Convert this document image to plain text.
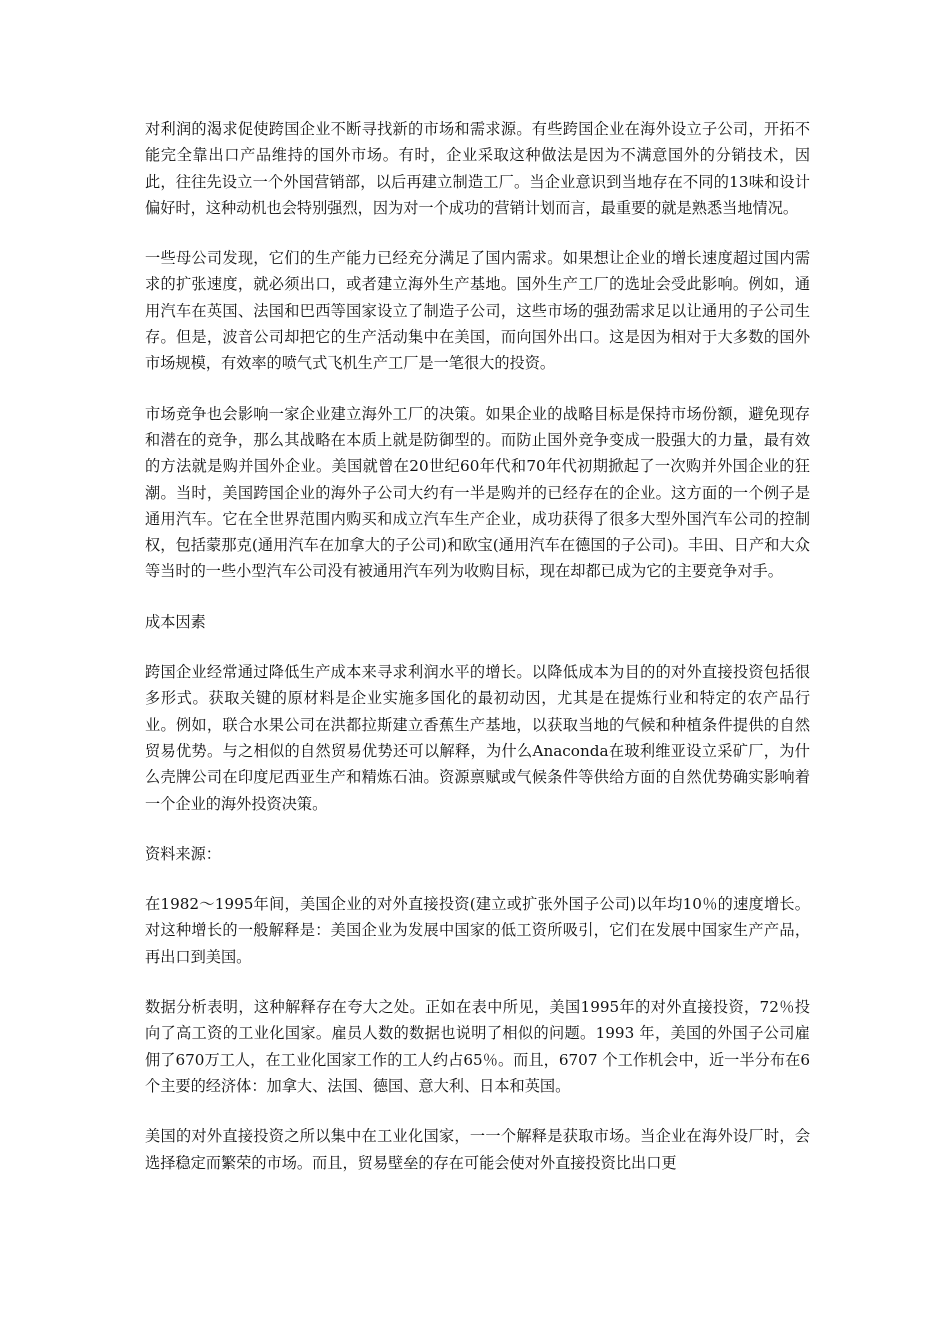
对利润的渴求促使跨国企业不断寻找新的市场和需求源。有些跨国企业在海外设立子公司，开拓不能完全靠出口产品维持的国外市场。有时，企业采取这种做法是因为不满意国外的分销技术，因此，往往先设立一个外国营销部，以后再建立制造工厂。当企业意识到当地存在不同的13味和设计偏好时，这种动机也会特别强烈，因为对一个成功的营销计划而言，最重要的就是熟悉当地情况。

一些母公司发现，它们的生产能力已经充分满足了国内需求。如果想让企业的增长速度超过国内需求的扩张速度，就必须出口，或者建立海外生产基地。国外生产工厂的选址会受此影响。例如，通用汽车在英国、法国和巴西等国家设立了制造子公司，这些市场的强劲需求足以让通用的子公司生存。但是，波音公司却把它的生产活动集中在美国，而向国外出口。这是因为相对于大多数的国外市场规模，有效率的喷气式飞机生产工厂是一笔很大的投资。

市场竞争也会影响一家企业建立海外工厂的决策。如果企业的战略目标是保持市场份额，避免现存和潜在的竞争，那么其战略在本质上就是防御型的。而防止国外竞争变成一股强大的力量，最有效的方法就是购并国外企业。美国就曾在20世纪60年代和70年代初期掀起了一次购并外国企业的狂潮。当时，美国跨国企业的海外子公司大约有一半是购并的已经存在的企业。这方面的一个例子是通用汽车。它在全世界范围内购买和成立汽车生产企业，成功获得了很多大型外国汽车公司的控制权，包括蒙那克(通用汽车在加拿大的子公司)和欧宝(通用汽车在德国的子公司)。丰田、日产和大众等当时的一些小型汽车公司没有被通用汽车列为收购目标，现在却都已成为它的主要竞争对手。

成本因素

跨国企业经常通过降低生产成本来寻求利润水平的增长。以降低成本为目的的对外直接投资包括很多形式。获取关键的原材料是企业实施多国化的最初动因，尤其是在提炼行业和特定的农产品行业。例如，联合水果公司在洪都拉斯建立香蕉生产基地，以获取当地的气候和种植条件提供的自然贸易优势。与之相似的自然贸易优势还可以解释，为什么Anaconda在玻利维亚设立采矿厂，为什么壳牌公司在印度尼西亚生产和精炼石油。资源禀赋或气候条件等供给方面的自然优势确实影响着一个企业的海外投资决策。

资料来源：

在1982～1995年间，美国企业的对外直接投资(建立或扩张外国子公司)以年均10％的速度增长。对这种增长的一般解释是：美国企业为发展中国家的低工资所吸引，它们在发展中国家生产产品，再出口到美国。

数据分析表明，这种解释存在夸大之处。正如在表中所见，美国1995年的对外直接投资，72％投向了高工资的工业化国家。雇员人数的数据也说明了相似的问题。1993 年，美国的外国子公司雇佣了670万工人，在工业化国家工作的工人约占65％。而且，6707 个工作机会中，近一半分布在6个主要的经济体：加拿大、法国、德国、意大利、日本和英国。

美国的对外直接投资之所以集中在工业化国家，一一个解释是获取市场。当企业在海外设厂时，会选择稳定而繁荣的市场。而且，贸易壁垒的存在可能会使对外直接投资比出口更
